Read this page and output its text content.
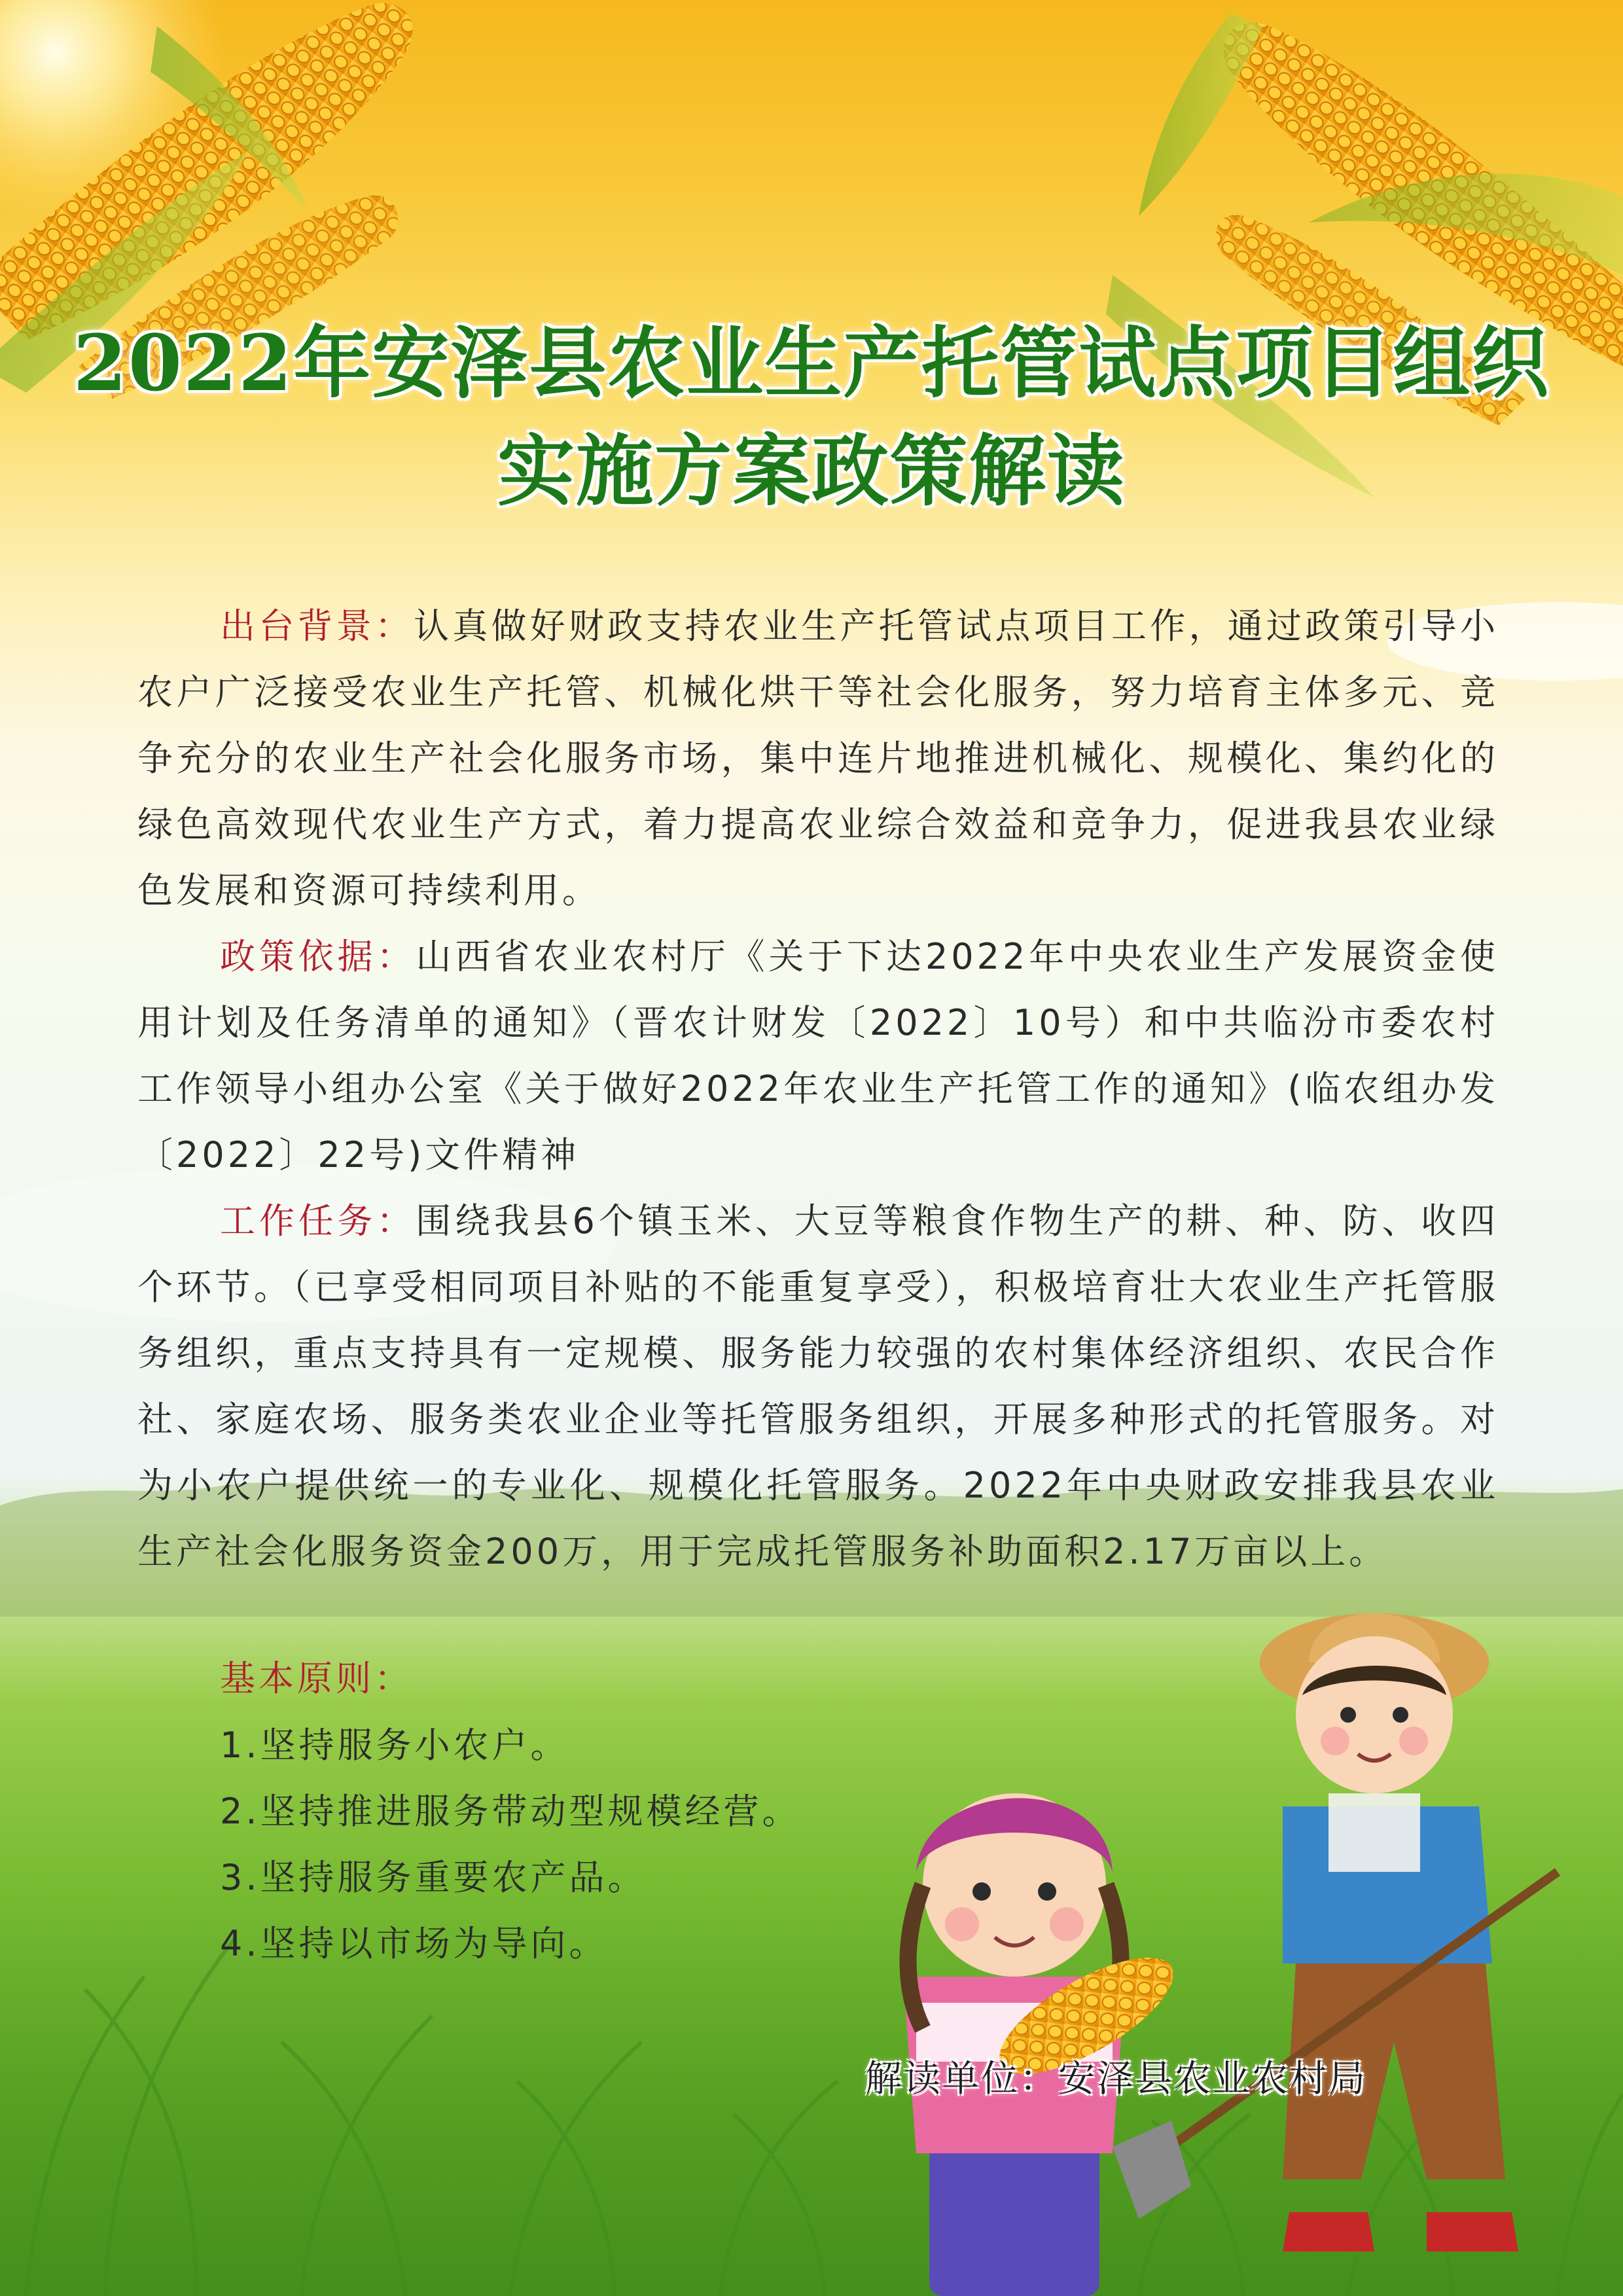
2022年安泽县农业生产托管试点项目组织
实施方案政策解读
出台背景：认真做好财政支持农业生产托管试点项目工作，通过政策引导小农户广泛接受农业生产托管、机械化烘干等社会化服务，努力培育主体多元、竞争充分的农业生产社会化服务市场，集中连片地推进机械化、规模化、集约化的绿色高效现代农业生产方式，着力提高农业综合效益和竞争力，促进我县农业绿色发展和资源可持续利用。
政策依据：山西省农业农村厅《关于下达2022年中央农业生产发展资金使用计划及任务清单的通知》（晋农计财发〔2022〕10号）和中共临汾市委农村工作领导小组办公室《关于做好2022年农业生产托管工作的通知》(临农组办发〔2022〕22号)文件精神
工作任务：围绕我县6个镇玉米、大豆等粮食作物生产的耕、种、防、收四个环节。（已享受相同项目补贴的不能重复享受），积极培育壮大农业生产托管服务组织，重点支持具有一定规模、服务能力较强的农村集体经济组织、农民合作社、家庭农场、服务类农业企业等托管服务组织，开展多种形式的托管服务。对为小农户提供统一的专业化、规模化托管服务。2022年中央财政安排我县农业生产社会化服务资金200万，用于完成托管服务补助面积2.17万亩以上。
基本原则：
1.坚持服务小农户。
2.坚持推进服务带动型规模经营。
3.坚持服务重要农产品。
4.坚持以市场为导向。
解读单位：安泽县农业农村局
